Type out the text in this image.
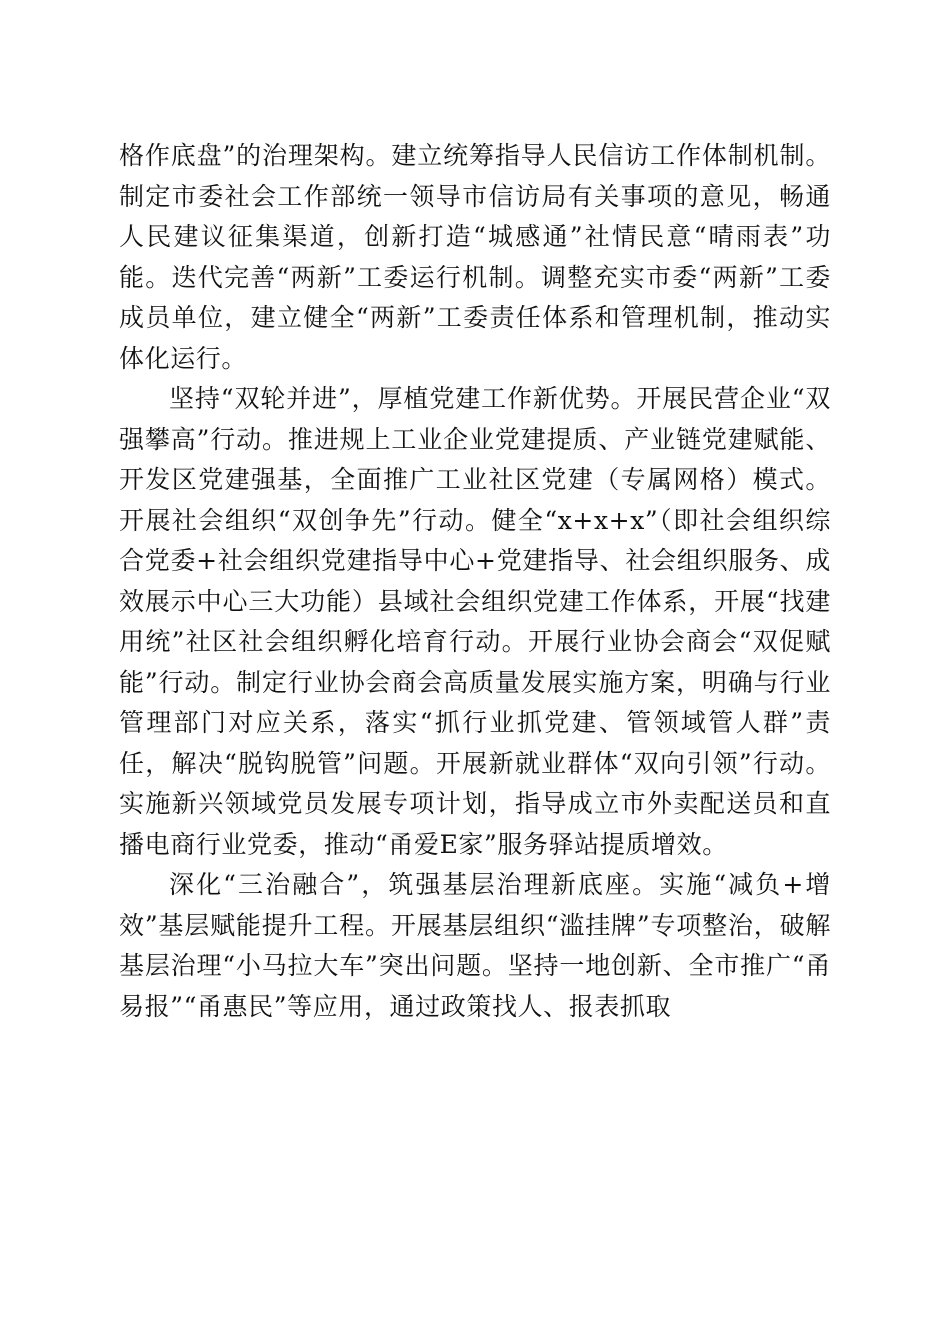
格作底盘”的治理架构。建立统筹指导人民信访工作体制机制。制定市委社会工作部统一领导市信访局有关事项的意见，畅通人民建议征集渠道，创新打造“城感通”社情民意“晴雨表”功能。迭代完善“两新”工委运行机制。调整充实市委“两新”工委成员单位，建立健全“两新”工委责任体系和管理机制，推动实体化运行。

坚持“双轮并进”，厚植党建工作新优势。开展民营企业“双强攀高”行动。推进规上工业企业党建提质、产业链党建赋能、开发区党建强基，全面推广工业社区党建（专属网格）模式。开展社会组织“双创争先”行动。健全“x+x+x”（即社会组织综合党委+社会组织党建指导中心+党建指导、社会组织服务、成效展示中心三大功能）县域社会组织党建工作体系，开展“找建用统”社区社会组织孵化培育行动。开展行业协会商会“双促赋能”行动。制定行业协会商会高质量发展实施方案，明确与行业管理部门对应关系，落实“抓行业抓党建、管领域管人群”责任，解决“脱钩脱管”问题。开展新就业群体“双向引领”行动。实施新兴领域党员发展专项计划，指导成立市外卖配送员和直播电商行业党委，推动“甬爱E家”服务驿站提质增效。

深化“三治融合”，筑强基层治理新底座。实施“减负+增效”基层赋能提升工程。开展基层组织“滥挂牌”专项整治，破解基层治理“小马拉大车”突出问题。坚持一地创新、全市推广“甬易报”“甬惠民”等应用，通过政策找人、报表抓取
